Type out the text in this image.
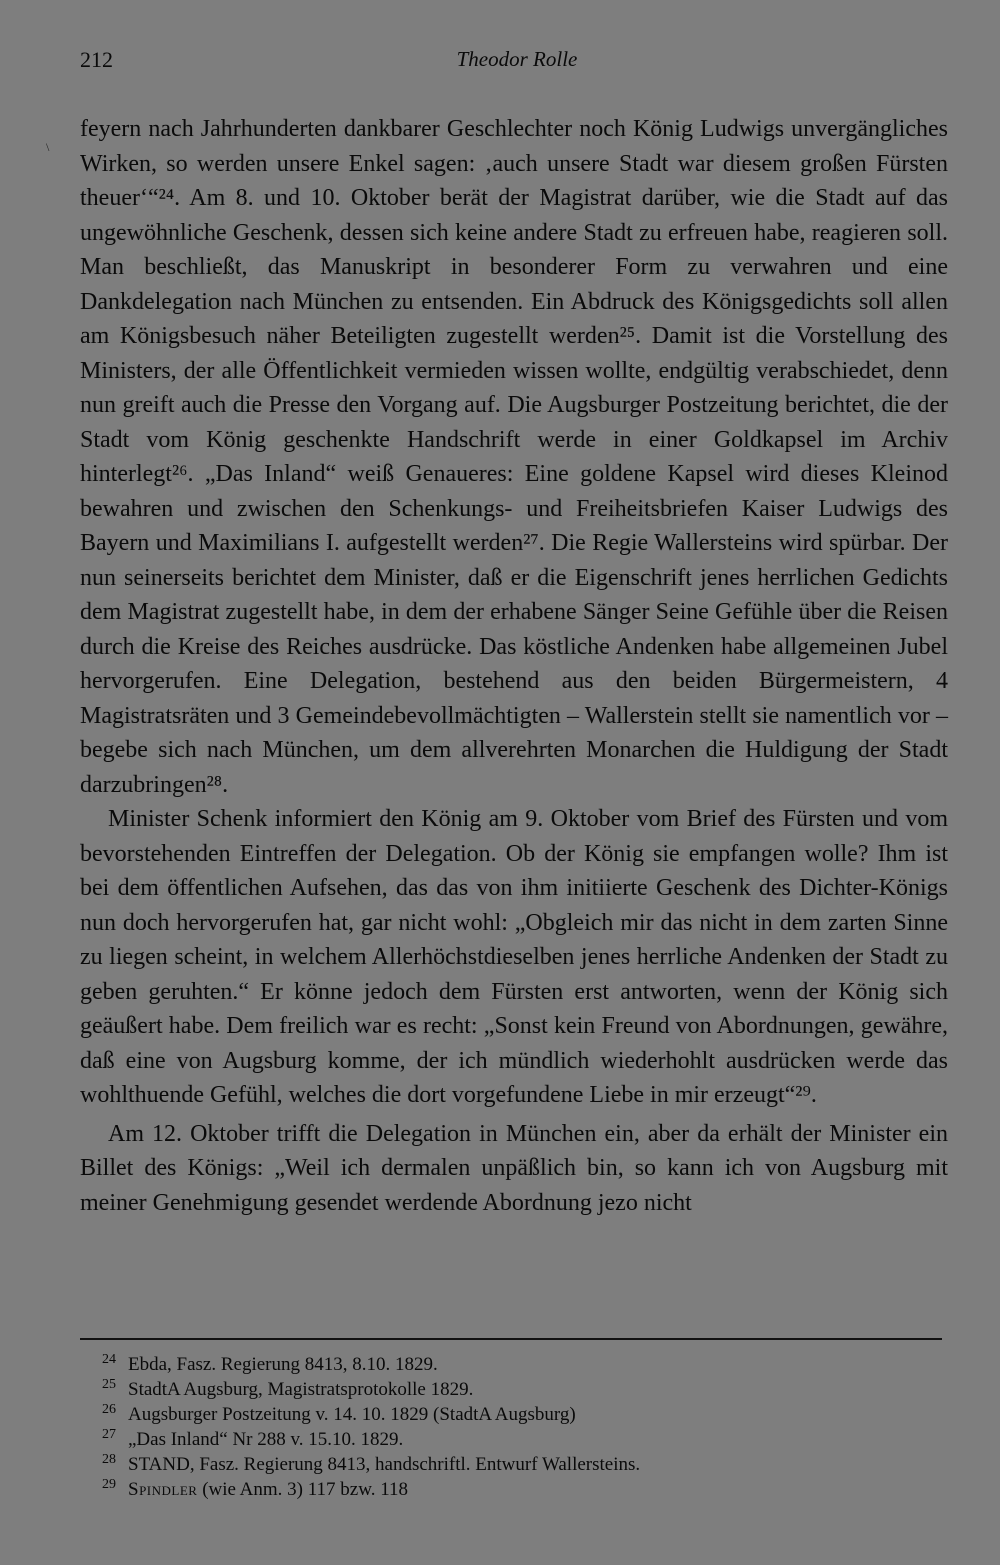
212	Theodor Rolle
\

feyern nach Jahrhunderten dankbarer Geschlechter noch König Ludwigs unvergängliches Wirken, so werden unsere Enkel sagen: ‚auch unsere Stadt war diesem großen Fürsten theuer‘“²⁴. Am 8. und 10. Oktober berät der Magistrat darüber, wie die Stadt auf das ungewöhnliche Geschenk, dessen sich keine andere Stadt zu erfreuen habe, reagieren soll. Man beschließt, das Manuskript in besonderer Form zu verwahren und eine Dankdelegation nach München zu entsenden. Ein Abdruck des Königsgedichts soll allen am Königsbesuch näher Beteiligten zugestellt werden²⁵. Damit ist die Vorstellung des Ministers, der alle Öffentlichkeit vermieden wissen wollte, endgültig verabschiedet, denn nun greift auch die Presse den Vorgang auf. Die Augsburger Postzeitung berichtet, die der Stadt vom König geschenkte Handschrift werde in einer Goldkapsel im Archiv hinterlegt²⁶. „Das Inland“ weiß Genaueres: Eine goldene Kapsel wird dieses Kleinod bewahren und zwischen den Schenkungs- und Freiheitsbriefen Kaiser Ludwigs des Bayern und Maximilians I. aufgestellt werden²⁷. Die Regie Wallersteins wird spürbar. Der nun seinerseits berichtet dem Minister, daß er die Eigenschrift jenes herrlichen Gedichts dem Magistrat zugestellt habe, in dem der erhabene Sänger Seine Gefühle über die Reisen durch die Kreise des Reiches ausdrücke. Das köstliche Andenken habe allgemeinen Jubel hervorgerufen. Eine Delegation, bestehend aus den beiden Bürgermeistern, 4 Magistratsräten und 3 Gemeindebevollmächtigten – Wallerstein stellt sie namentlich vor – begebe sich nach München, um dem allverehrten Monarchen die Huldigung der Stadt darzubringen²⁸.

Minister Schenk informiert den König am 9. Oktober vom Brief des Fürsten und vom bevorstehenden Eintreffen der Delegation. Ob der König sie empfangen wolle? Ihm ist bei dem öffentlichen Aufsehen, das das von ihm initiierte Geschenk des Dichter-Königs nun doch hervorgerufen hat, gar nicht wohl: „Obgleich mir das nicht in dem zarten Sinne zu liegen scheint, in welchem Allerhöchstdieselben jenes herrliche Andenken der Stadt zu geben geruhten.“ Er könne jedoch dem Fürsten erst antworten, wenn der König sich geäußert habe. Dem freilich war es recht: „Sonst kein Freund von Abordnungen, gewähre, daß eine von Augsburg komme, der ich mündlich wiederhohlt ausdrücken werde das wohlthuende Gefühl, welches die dort vorgefundene Liebe in mir erzeugt“²⁹.

Am 12. Oktober trifft die Delegation in München ein, aber da erhält der Minister ein Billet des Königs: „Weil ich dermalen unpäßlich bin, so kann ich von Augsburg mit meiner Genehmigung gesendet werdende Abordnung jezo nicht

24 Ebda, Fasz. Regierung 8413, 8.10. 1829.
25 StadtA Augsburg, Magistratsprotokolle 1829.
26 Augsburger Postzeitung v. 14. 10. 1829 (StadtA Augsburg)
27 „Das Inland“ Nr 288 v. 15.10. 1829.
28 STAND, Fasz. Regierung 8413, handschriftl. Entwurf Wallersteins.
29 Spindler (wie Anm. 3) 117 bzw. 118
